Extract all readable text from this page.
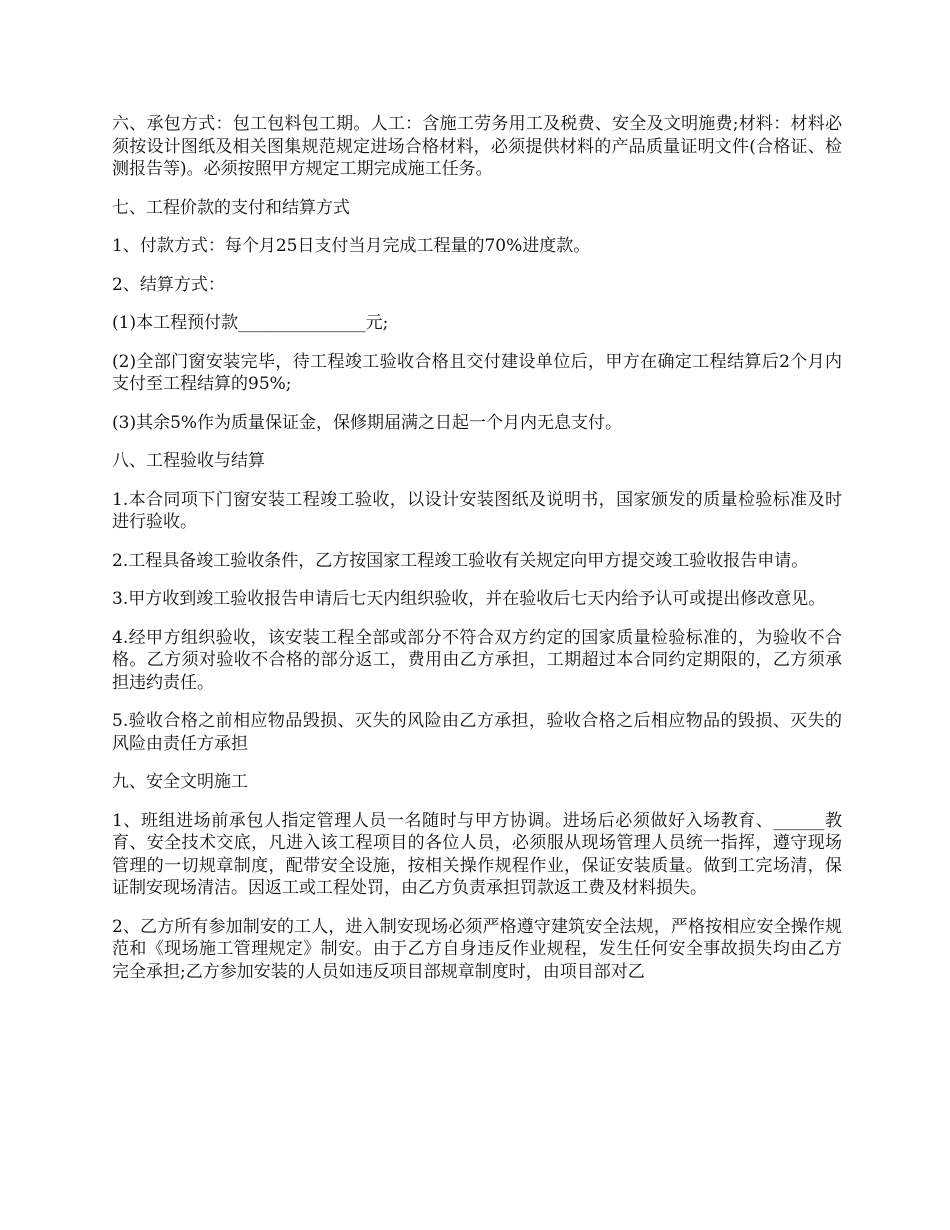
六、承包方式：包工包料包工期。人工：含施工劳务用工及税费、安全及文明施费;材料：材料必须按设计图纸及相关图集规范规定进场合格材料，必须提供材料的产品质量证明文件(合格证、检测报告等)。必须按照甲方规定工期完成施工任务。

七、工程价款的支付和结算方式

1、付款方式：每个月25日支付当月完成工程量的70%进度款。

2、结算方式：

(1)本工程预付款_______________元;

(2)全部门窗安装完毕，待工程竣工验收合格且交付建设单位后，甲方在确定工程结算后2个月内支付至工程结算的95%;

(3)其余5%作为质量保证金，保修期届满之日起一个月内无息支付。

八、工程验收与结算

1.本合同项下门窗安装工程竣工验收，以设计安装图纸及说明书，国家颁发的质量检验标准及时进行验收。

2.工程具备竣工验收条件，乙方按国家工程竣工验收有关规定向甲方提交竣工验收报告申请。

3.甲方收到竣工验收报告申请后七天内组织验收，并在验收后七天内给予认可或提出修改意见。

4.经甲方组织验收，该安装工程全部或部分不符合双方约定的国家质量检验标准的，为验收不合格。乙方须对验收不合格的部分返工，费用由乙方承担，工期超过本合同约定期限的，乙方须承担违约责任。

5.验收合格之前相应物品毁损、灭失的风险由乙方承担，验收合格之后相应物品的毁损、灭失的风险由责任方承担

九、安全文明施工

1、班组进场前承包人指定管理人员一名随时与甲方协调。进场后必须做好入场教育、______教育、安全技术交底，凡进入该工程项目的各位人员，必须服从现场管理人员统一指挥，遵守现场管理的一切规章制度，配带安全设施，按相关操作规程作业，保证安装质量。做到工完场清，保证制安现场清洁。因返工或工程处罚，由乙方负责承担罚款返工费及材料损失。

2、乙方所有参加制安的工人，进入制安现场必须严格遵守建筑安全法规，严格按相应安全操作规范和《现场施工管理规定》制安。由于乙方自身违反作业规程，发生任何安全事故损失均由乙方完全承担;乙方参加安装的人员如违反项目部规章制度时，由项目部对乙
